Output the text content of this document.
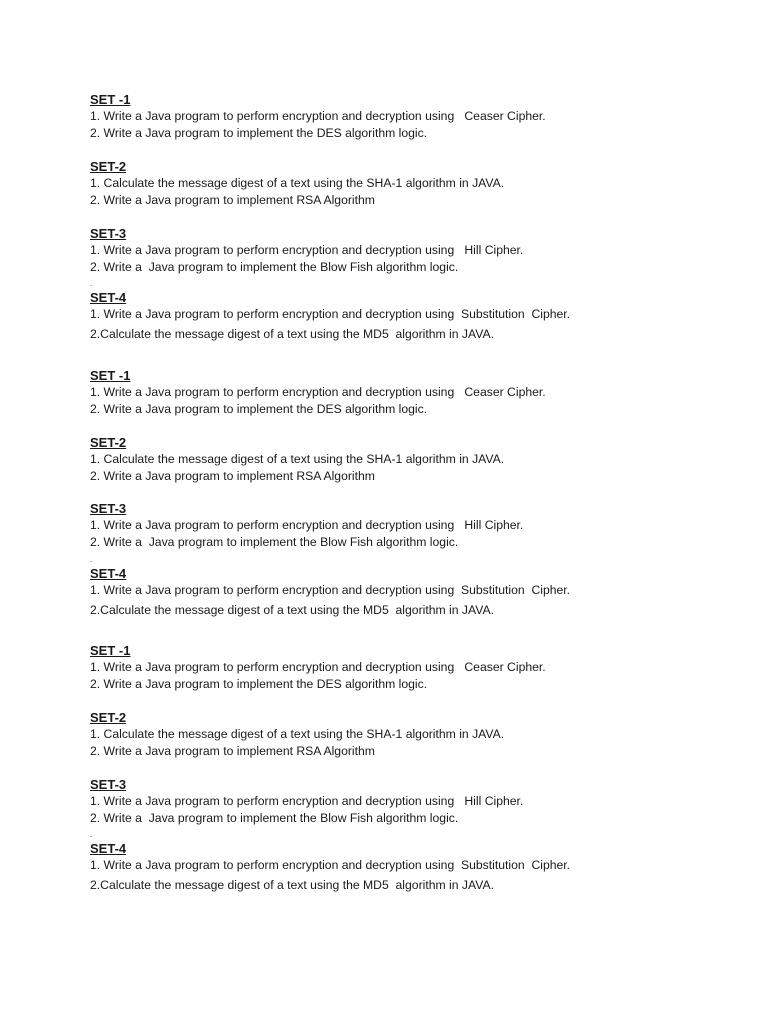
SET -1

1. Write a Java program to perform encryption and decryption using   Ceaser Cipher.

2. Write a Java program to implement the DES algorithm logic.

SET-2

1. Calculate the message digest of a text using the SHA-1 algorithm in JAVA.

2. Write a Java program to implement RSA Algorithm

SET-3

1. Write a Java program to perform encryption and decryption using   Hill Cipher.

2. Write a  Java program to implement the Blow Fish algorithm logic.

.

SET-4

1. Write a Java program to perform encryption and decryption using  Substitution  Cipher.

2.Calculate the message digest of a text using the MD5  algorithm in JAVA.

SET -1

1. Write a Java program to perform encryption and decryption using   Ceaser Cipher.

2. Write a Java program to implement the DES algorithm logic.

SET-2

1. Calculate the message digest of a text using the SHA-1 algorithm in JAVA.

2. Write a Java program to implement RSA Algorithm

SET-3

1. Write a Java program to perform encryption and decryption using   Hill Cipher.

2. Write a  Java program to implement the Blow Fish algorithm logic.

.

SET-4

1. Write a Java program to perform encryption and decryption using  Substitution  Cipher.

2.Calculate the message digest of a text using the MD5  algorithm in JAVA.

SET -1

1. Write a Java program to perform encryption and decryption using   Ceaser Cipher.

2. Write a Java program to implement the DES algorithm logic.

SET-2

1. Calculate the message digest of a text using the SHA-1 algorithm in JAVA.

2. Write a Java program to implement RSA Algorithm

SET-3

1. Write a Java program to perform encryption and decryption using   Hill Cipher.

2. Write a  Java program to implement the Blow Fish algorithm logic.

.

SET-4

1. Write a Java program to perform encryption and decryption using  Substitution  Cipher.

2.Calculate the message digest of a text using the MD5  algorithm in JAVA.
